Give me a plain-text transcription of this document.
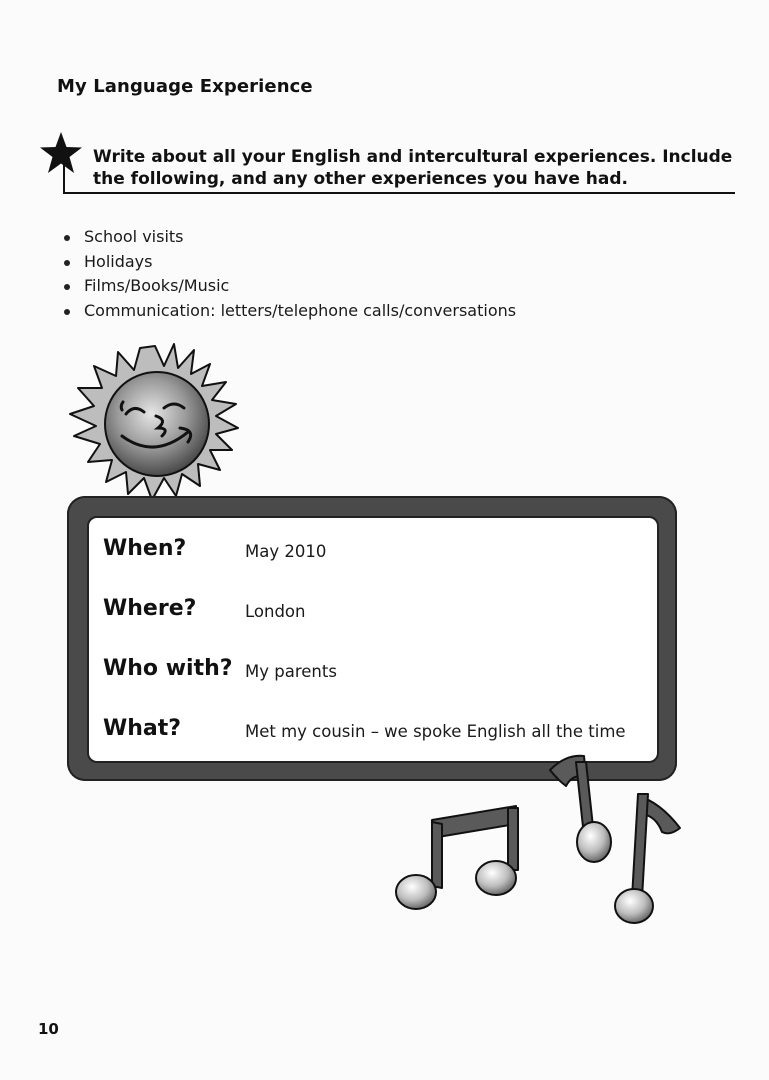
My Language Experience
Write about all your English and intercultural experiences. Include the following, and any other experiences you have had.
School visits
Holidays
Films/Books/Music
Communication: letters/telephone calls/conversations
When?	May 2010
Where?	London
Who with? My parents
What?	Met my cousin – we spoke English all the time
10
